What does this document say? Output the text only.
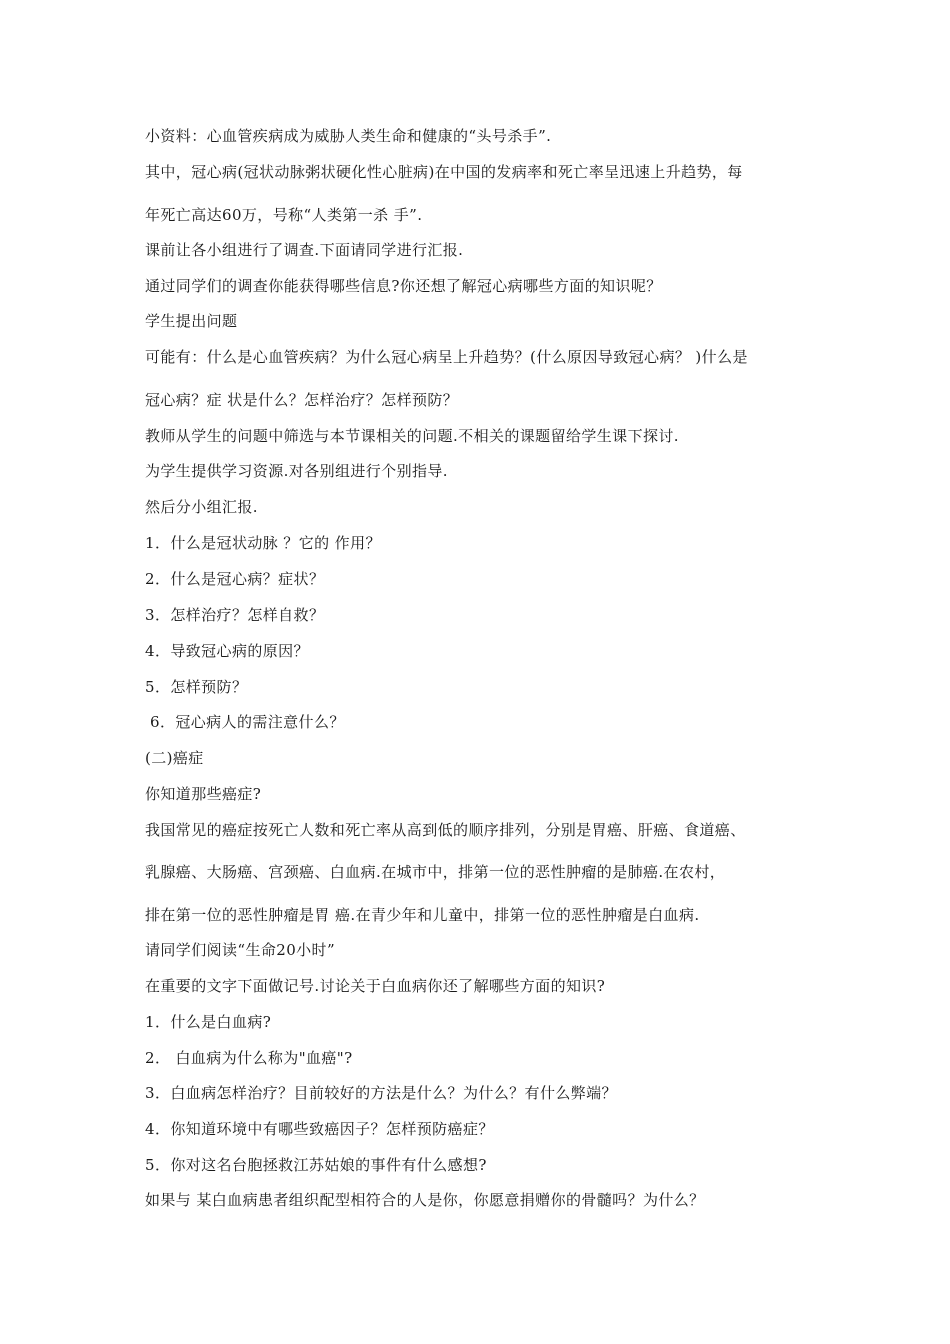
小资料：心血管疾病成为威胁人类生命和健康的“头号杀手”.
其中，冠心病(冠状动脉粥状硬化性心脏病)在中国的发病率和死亡率呈迅速上升趋势，每
年死亡高达60万，号称“人类第一杀 手”.
课前让各小组进行了调查.下面请同学进行汇报.
通过同学们的调查你能获得哪些信息?你还想了解冠心病哪些方面的知识呢？
学生提出问题
可能有：什么是心血管疾病？为什么冠心病呈上升趋势？(什么原因导致冠心病？ )什么是
冠心病？症 状是什么？怎样治疗？怎样预防？
教师从学生的问题中筛选与本节课相关的问题.不相关的课题留给学生课下探讨.
为学生提供学习资源.对各别组进行个别指导.
然后分小组汇报.
1．什么是冠状动脉 ？它的 作用？
2．什么是冠心病？症状？
3．怎样治疗？怎样自救？
4．导致冠心病的原因？
5．怎样预防？
6．冠心病人的需注意什么？
(二)癌症
你知道那些癌症?
我国常见的癌症按死亡人数和死亡率从高到低的顺序排列，分别是胃癌、肝癌、食道癌、
乳腺癌、大肠癌、宫颈癌、白血病.在城市中，排第一位的恶性肿瘤的是肺癌.在农村，
排在第一位的恶性肿瘤是胃 癌.在青少年和儿童中，排第一位的恶性肿瘤是白血病.
请同学们阅读“生命20小时”
在重要的文字下面做记号.讨论关于白血病你还了解哪些方面的知识?
1．什么是白血病?
2． 白血病为什么称为"血癌"?
3．白血病怎样治疗？目前较好的方法是什么？为什么？有什么弊端？
4．你知道环境中有哪些致癌因子？怎样预防癌症？
5．你对这名台胞拯救江苏姑娘的事件有什么感想?
如果与 某白血病患者组织配型相符合的人是你，你愿意捐赠你的骨髓吗？为什么？
